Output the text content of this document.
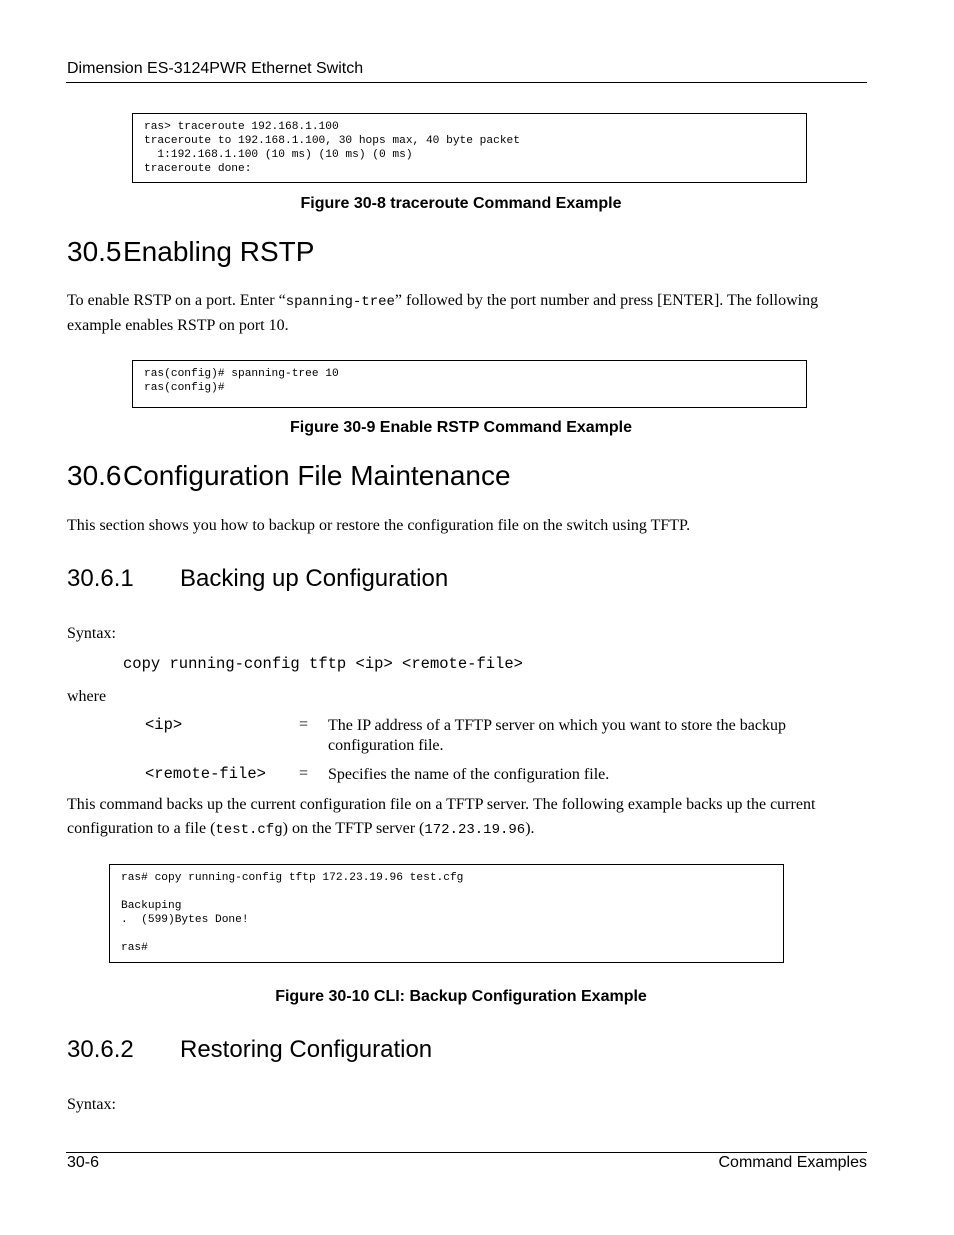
Dimension ES-3124PWR Ethernet Switch
ras> traceroute 192.168.1.100
traceroute to 192.168.1.100, 30 hops max, 40 byte packet
1:192.168.1.100 (10 ms) (10 ms) (0 ms)
traceroute done:
Figure 30-8 traceroute Command Example
30.5Enabling RSTP
To enable RSTP on a port. Enter “spanning-tree” followed by the port number and press [ENTER]. The following example enables RSTP on port 10.
ras(config)# spanning-tree 10
ras(config)#
Figure 30-9 Enable RSTP Command Example
30.6Configuration File Maintenance
This section shows you how to backup or restore the configuration file on the switch using TFTP.
30.6.1 Backing up Configuration
Syntax:
copy running-config tftp <ip> <remote-file>
where
<ip>	= The IP address of a TFTP server on which you want to store the backup configuration file.
<remote-file> = Specifies the name of the configuration file.
This command backs up the current configuration file on a TFTP server. The following example backs up the current configuration to a file (test.cfg) on the TFTP server (172.23.19.96).
ras# copy running-config tftp 172.23.19.96 test.cfg
Backuping
.  (599)Bytes Done!
ras#
Figure 30-10 CLI: Backup Configuration Example
30.6.2 Restoring Configuration
Syntax:
30-6	Command Examples
